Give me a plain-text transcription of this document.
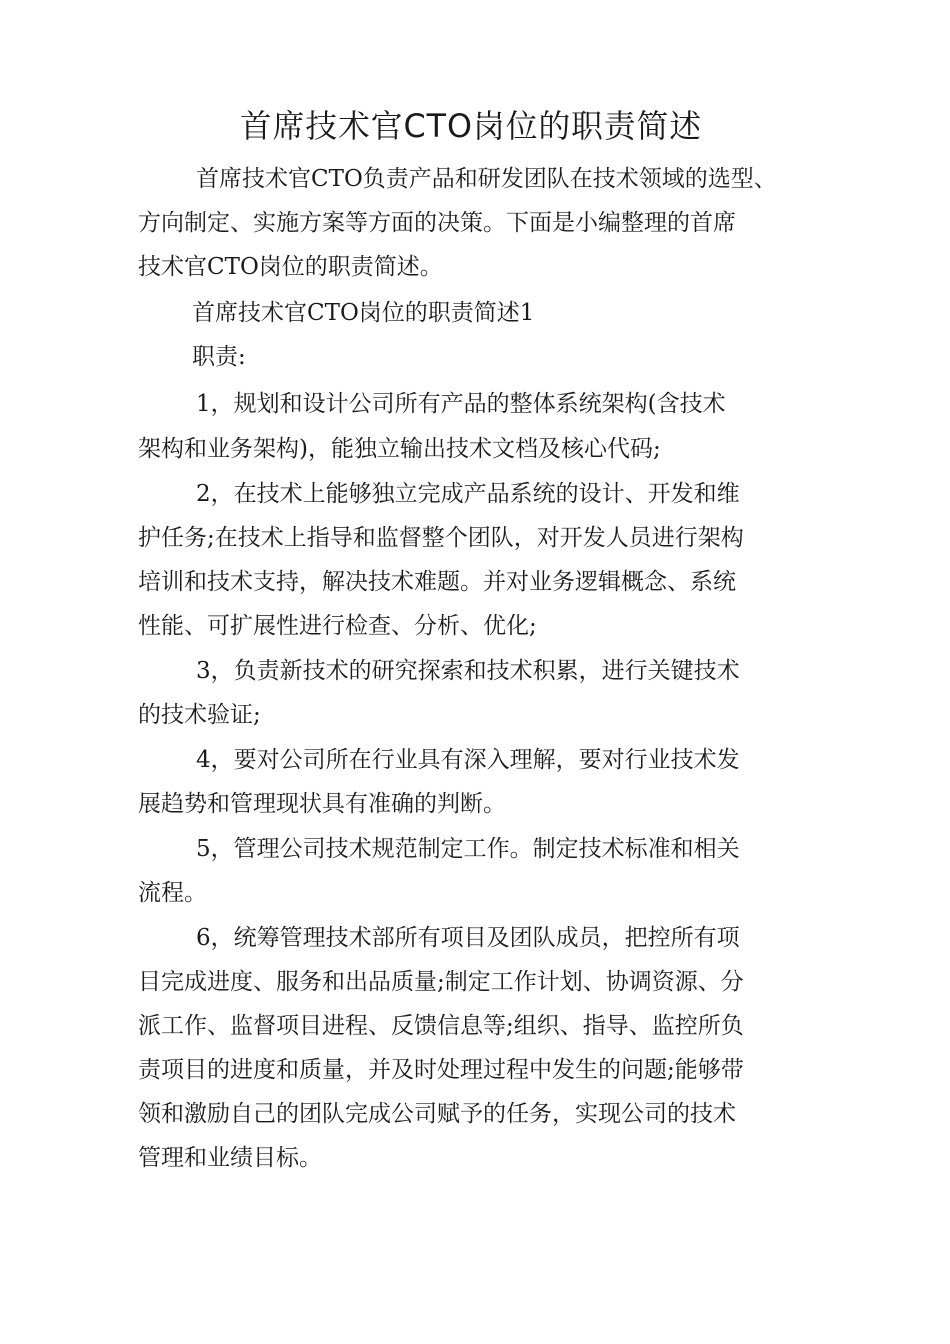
首席技术官CTO岗位的职责简述
首席技术官CTO负责产品和研发团队在技术领域的选型、
方向制定、实施方案等方面的决策。下面是小编整理的首席
技术官CTO岗位的职责简述。
首席技术官CTO岗位的职责简述1
职责:
1，规划和设计公司所有产品的整体系统架构(含技术
架构和业务架构)，能独立输出技术文档及核心代码;
2，在技术上能够独立完成产品系统的设计、开发和维
护任务;在技术上指导和监督整个团队，对开发人员进行架构
培训和技术支持，解决技术难题。并对业务逻辑概念、系统
性能、可扩展性进行检查、分析、优化;
3，负责新技术的研究探索和技术积累，进行关键技术
的技术验证;
4，要对公司所在行业具有深入理解，要对行业技术发
展趋势和管理现状具有准确的判断。
5，管理公司技术规范制定工作。制定技术标准和相关
流程。
6，统筹管理技术部所有项目及团队成员，把控所有项
目完成进度、服务和出品质量;制定工作计划、协调资源、分
派工作、监督项目进程、反馈信息等;组织、指导、监控所负
责项目的进度和质量，并及时处理过程中发生的问题;能够带
领和激励自己的团队完成公司赋予的任务，实现公司的技术
管理和业绩目标。
